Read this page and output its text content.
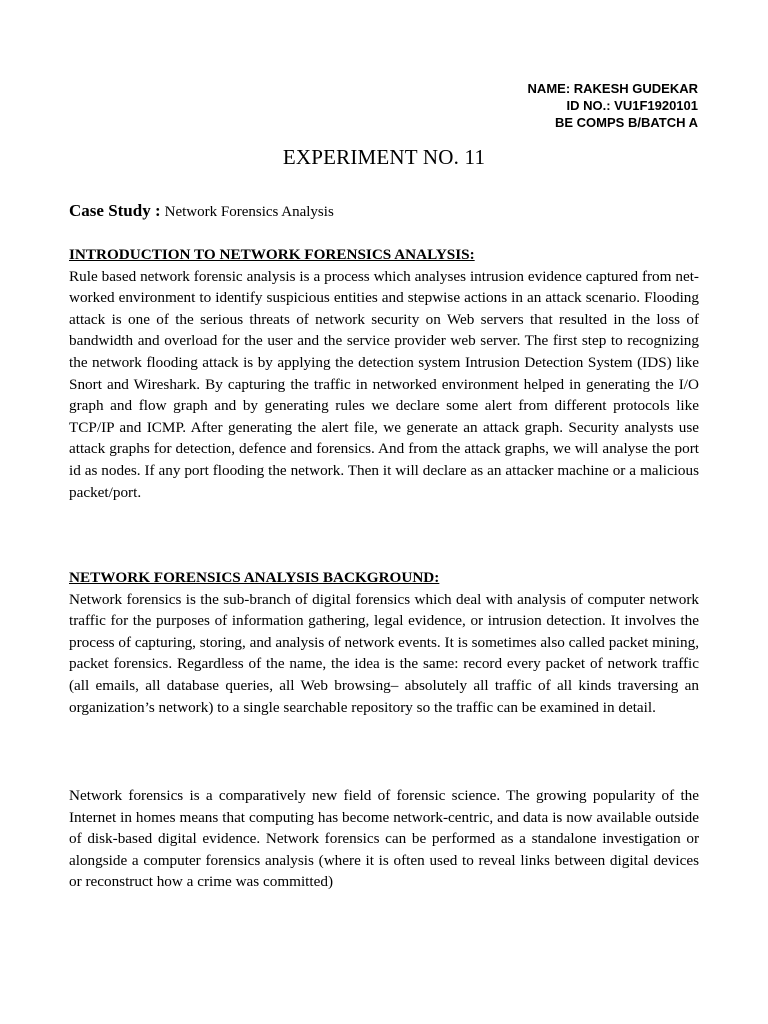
NAME: RAKESH GUDEKAR
ID NO.: VU1F1920101
BE COMPS B/BATCH A
EXPERIMENT NO. 11
Case Study : Network Forensics Analysis
INTRODUCTION TO NETWORK FORENSICS ANALYSIS:

Rule based network forensic analysis is a process which analyses intrusion evidence captured from net-worked environment to identify suspicious entities and stepwise actions in an attack scenario. Flooding attack is one of the serious threats of network security on Web servers that resulted in the loss of bandwidth and overload for the user and the service provider web server. The first step to recognizing the network flooding attack is by applying the detection system Intrusion Detection System (IDS) like Snort and Wireshark. By capturing the traffic in networked environment helped in generating the I/O graph and flow graph and by generating rules we declare some alert from different protocols like TCP/IP and ICMP. After generating the alert file, we generate an attack graph. Security analysts use attack graphs for detection, defence and forensics. And from the attack graphs, we will analyse the port id as nodes. If any port flooding the network. Then it will declare as an attacker machine or a malicious packet/port.

NETWORK FORENSICS ANALYSIS BACKGROUND:

Network forensics is the sub-branch of digital forensics which deal with analysis of computer network traffic for the purposes of information gathering, legal evidence, or intrusion detection. It involves the process of capturing, storing, and analysis of network events. It is sometimes also called packet mining, packet forensics. Regardless of the name, the idea is the same: record every packet of network traffic (all emails, all database queries, all Web browsing– absolutely all traffic of all kinds traversing an organization’s network) to a single searchable repository so the traffic can be examined in detail.

Network forensics is a comparatively new field of forensic science. The growing popularity of the Internet in homes means that computing has become network-centric, and data is now available outside of disk-based digital evidence. Network forensics can be performed as a standalone investigation or alongside a computer forensics analysis (where it is often used to reveal links between digital devices or reconstruct how a crime was committed)
